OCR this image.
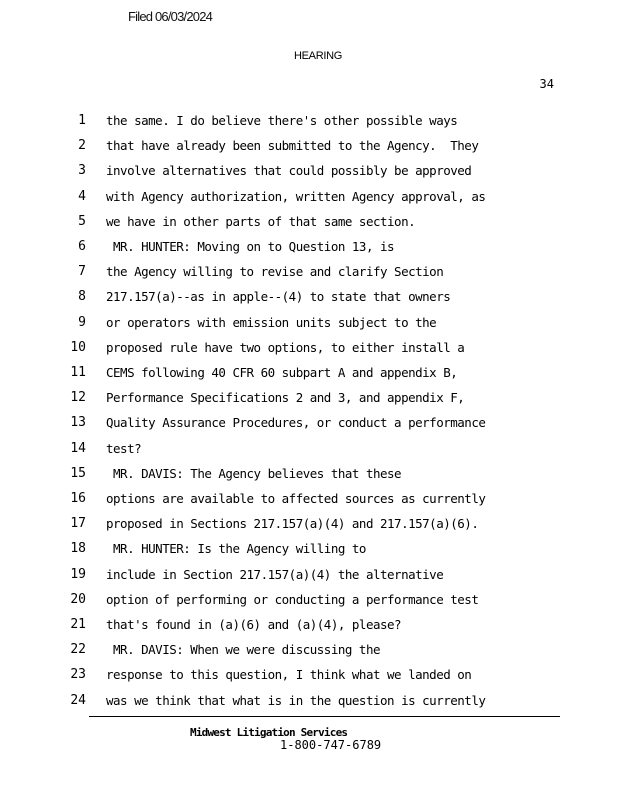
Filed 06/03/2024
HEARING
34
1 the same. I do believe there's other possible ways
2 that have already been submitted to the Agency.  They
3 involve alternatives that could possibly be approved
4 with Agency authorization, written Agency approval, as
5 we have in other parts of that same section.
6 MR. HUNTER: Moving on to Question 13, is
7 the Agency willing to revise and clarify Section
8 217.157(a)--as in apple--(4) to state that owners
9 or operators with emission units subject to the
10 proposed rule have two options, to either install a
11 CEMS following 40 CFR 60 subpart A and appendix B,
12 Performance Specifications 2 and 3, and appendix F,
13 Quality Assurance Procedures, or conduct a performance
14 test?
15 MR. DAVIS: The Agency believes that these
16 options are available to affected sources as currently
17 proposed in Sections 217.157(a)(4) and 217.157(a)(6).
18 MR. HUNTER: Is the Agency willing to
19 include in Section 217.157(a)(4) the alternative
20 option of performing or conducting a performance test
21 that's found in (a)(6) and (a)(4), please?
22 MR. DAVIS: When we were discussing the
23 response to this question, I think what we landed on
24 was we think that what is in the question is currently
Midwest Litigation Services
1-800-747-6789
